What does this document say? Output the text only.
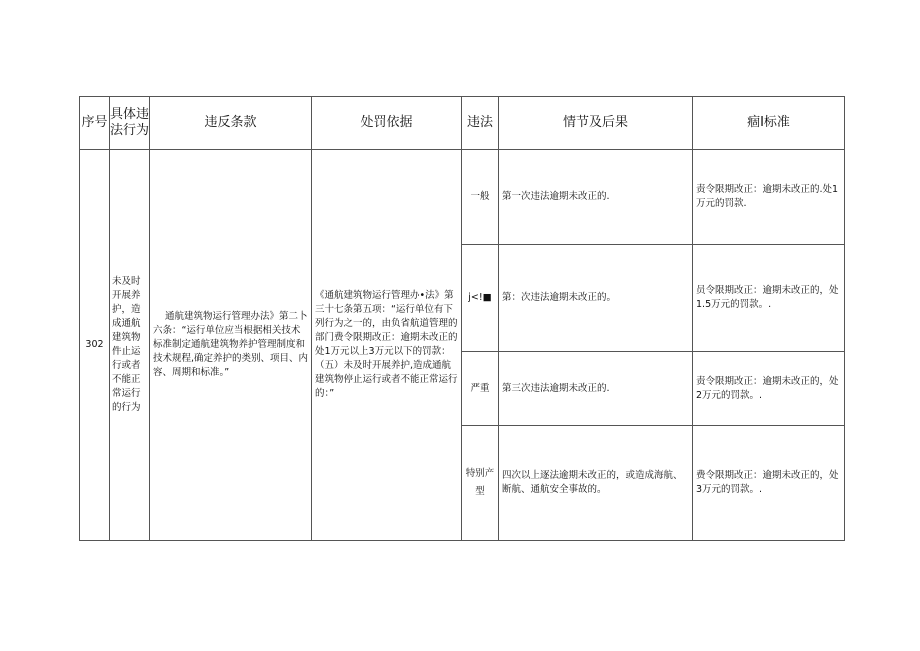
序号	具体违法行为	违反条款	处罚依据	违法	情节及后果	痼Ⅰ标准
302	未及时开展养护，造成通航建筑物件止运行或者不能正常运行的行为	通航建筑物运行管理办法》第二卜六条：“运行单位应当根据相关技术标准制定通航建筑物养护管理制度和技术规程,确定养护的类别、项目、内容、周期和标准。”	《通航建筑物运行管理办•法》第三十七条第五项：“运行单位有下列行为之一的，由负省航道管理的部门费令限期改正：逾期未改正的处1万元以上3万元以下的罚款：（五）未及时开展养护,造成通航建筑物停止运行或者不能正常运行的：”	一般	第一次违法逾期未改正的.	责令限期改正：逾期未改正的.处1万元的罚款.
				j<!■	第：次违法逾期未改正的。	员令限期改正：逾期未改正的，处1.5万元的罚款。.
				严重	第三次违法逾期未改正的.	责令限期改正：逾期未改正的，处2万元的罚款。.
				特别产型	四次以上逐法逾期未改正的，或造成海航、断航、通航安全事故的。	费令限期改正：逾期未改正的，处3万元的罚款。.
